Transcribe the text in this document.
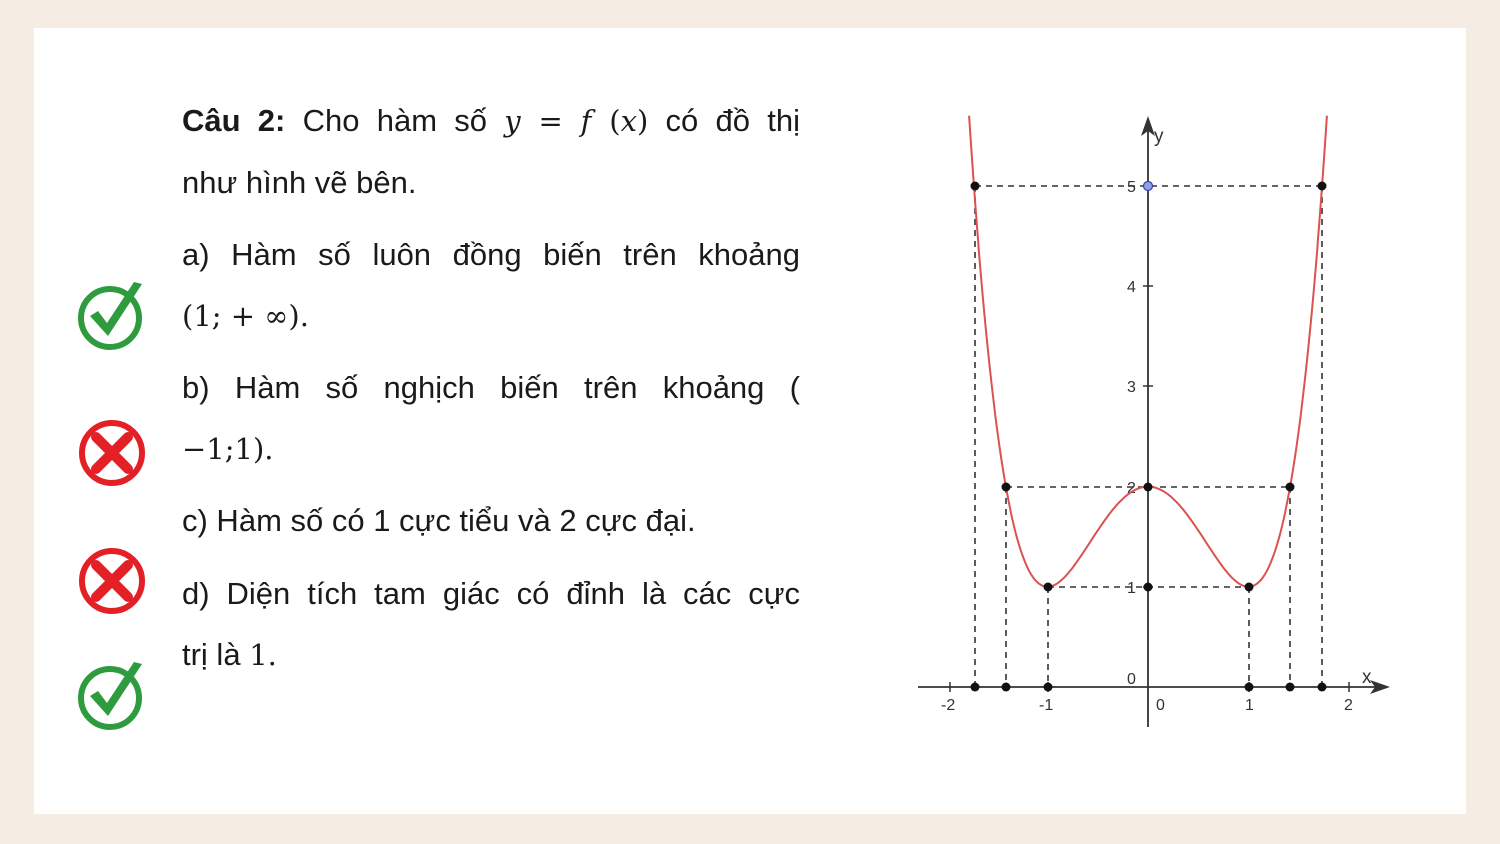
Câu 2: Cho hàm số y = f (x) có đồ thị
như hình vẽ bên.
a) Hàm số luôn đồng biến trên khoảng
(1; + ∞).
b) Hàm số nghịch biến trên khoảng (
−1;1).
c) Hàm số có 1 cực tiểu và 2 cực đại.
d) Diện tích tam giác có đỉnh là các cực
trị là 1.
-2	-1	0	1	2
0
1
2
3
4
5
x
y
